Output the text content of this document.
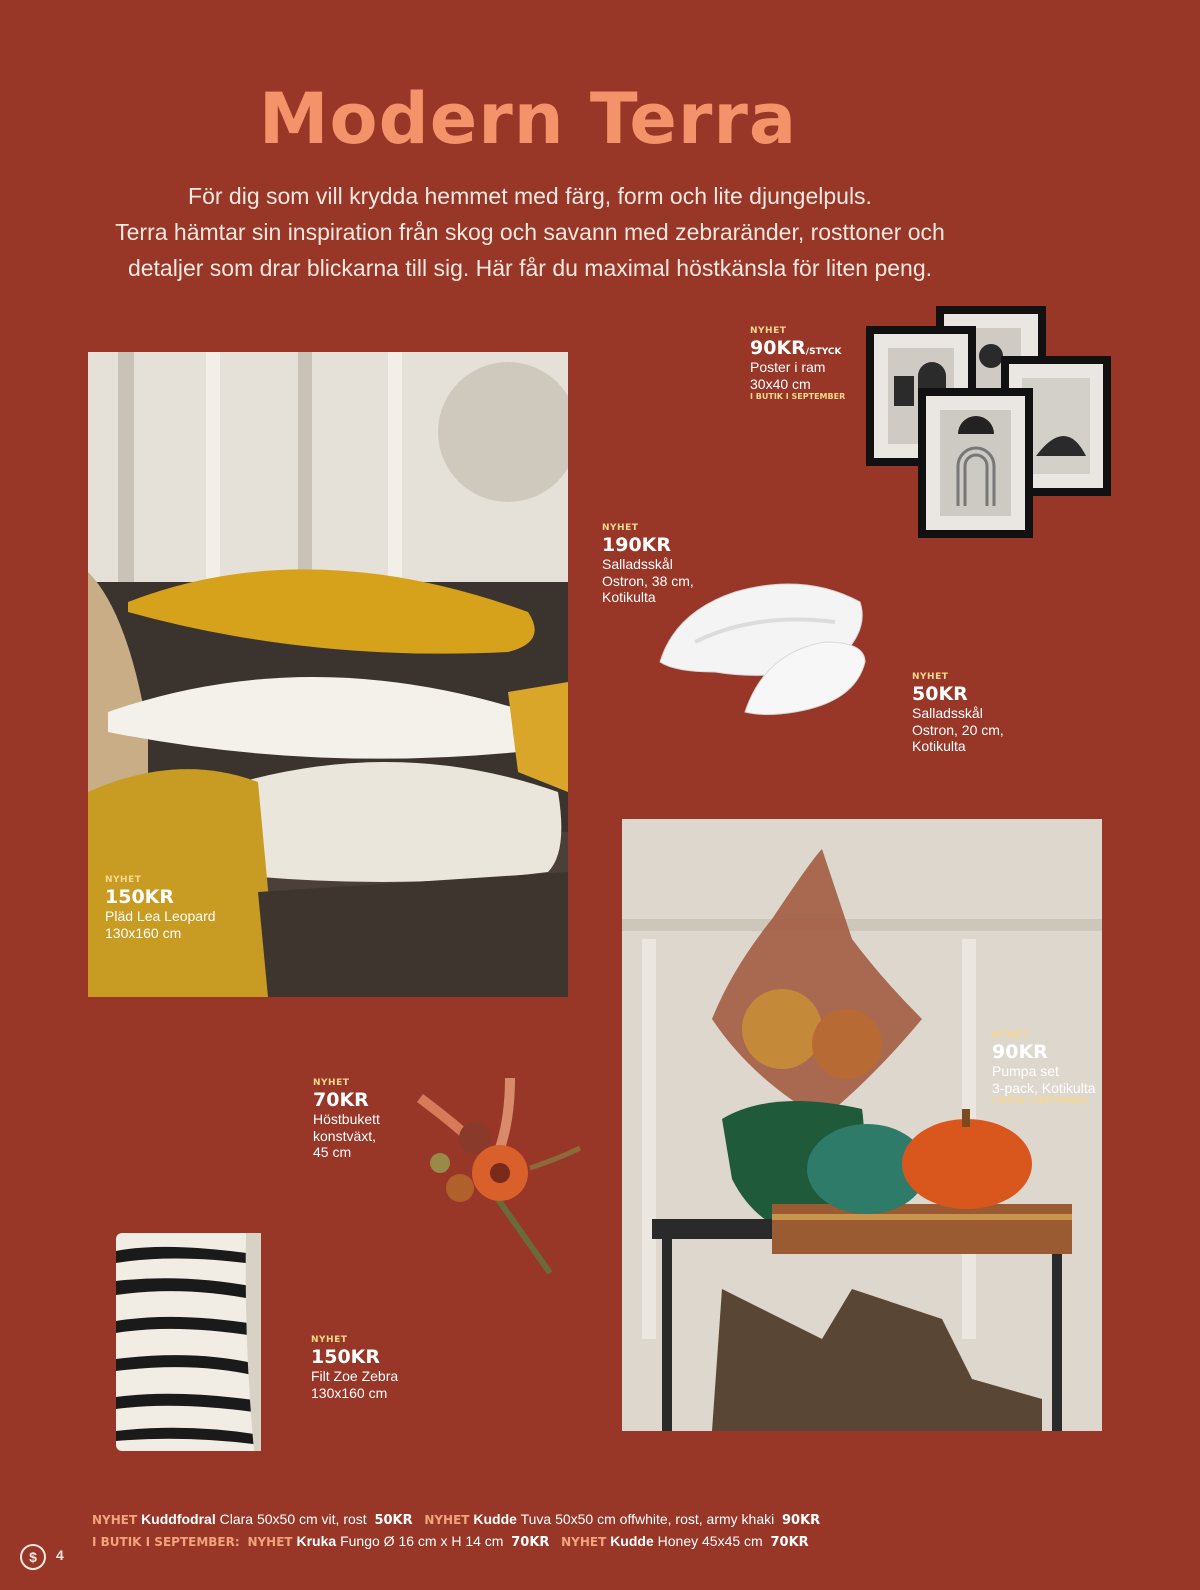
Modern Terra
För dig som vill krydda hemmet med färg, form och lite djungelpuls.
Terra hämtar sin inspiration från skog och savann med zebraränder, rosttoner och
detaljer som drar blickarna till sig. Här får du maximal höstkänsla för liten peng.
NYHET
150KR
Pläd Lea Leopard
130x160 cm
NYHET
90KR/STYCK
Poster i ram
30x40 cm
I BUTIK I SEPTEMBER
NYHET
190KR
Salladsskål
Ostron, 38 cm,
Kotikulta
NYHET
50KR
Salladsskål
Ostron, 20 cm,
Kotikulta
NYHET
90KR
Pumpa set
3-pack, Kotikulta
I BUTIK I SEPTEMBER
NYHET
70KR
Höstbukett
konstväxt,
45 cm
NYHET
150KR
Filt Zoe Zebra
130x160 cm
NYHET Kuddfodral Clara 50x50 cm vit, rost 50KR NYHET Kudde Tuva 50x50 cm offwhite, rost, army khaki 90KR
I BUTIK I SEPTEMBER: NYHET Kruka Fungo Ø 16 cm x H 14 cm 70KR NYHET Kudde Honey 45x45 cm 70KR
$	4
